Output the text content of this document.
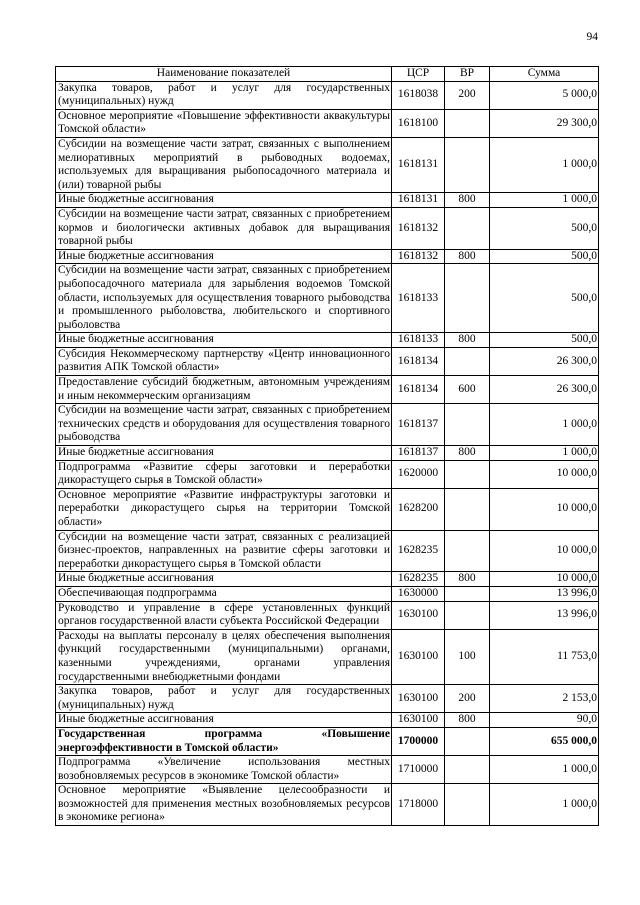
94
Наименование показателей	ЦСР	ВР	Сумма
Закупка товаров, работ и услуг для государственных (муниципальных) нужд	1618038	200	5 000,0
Основное мероприятие «Повышение эффективности аквакультуры Томской области»	1618100		29 300,0
Субсидии на возмещение части затрат, связанных с выполнением мелиоративных мероприятий в рыбоводных водоемах, используемых для выращивания рыбопосадочного материала и (или) товарной рыбы	1618131		1 000,0
Иные бюджетные ассигнования	1618131	800	1 000,0
Субсидии на возмещение части затрат, связанных с приобретением кормов и биологически активных добавок для выращивания товарной рыбы	1618132		500,0
Иные бюджетные ассигнования	1618132	800	500,0
Субсидии на возмещение части затрат, связанных с приобретением рыбопосадочного материала для зарыбления водоемов Томской области, используемых для осуществления товарного рыбоводства и промышленного рыболовства, любительского и спортивного рыболовства	1618133		500,0
Иные бюджетные ассигнования	1618133	800	500,0
Субсидия Некоммерческому партнерству «Центр инновационного развития АПК Томской области»	1618134		26 300,0
Предоставление субсидий бюджетным, автономным учреждениям и иным некоммерческим организациям	1618134	600	26 300,0
Субсидии на возмещение части затрат, связанных с приобретением технических средств и оборудования для осуществления товарного рыбоводства	1618137		1 000,0
Иные бюджетные ассигнования	1618137	800	1 000,0
Подпрограмма «Развитие сферы заготовки и переработки дикорастущего сырья в Томской области»	1620000		10 000,0
Основное мероприятие «Развитие инфраструктуры заготовки и переработки дикорастущего сырья на территории Томской области»	1628200		10 000,0
Субсидии на возмещение части затрат, связанных с реализацией бизнес-проектов, направленных на развитие сферы заготовки и переработки дикорастущего сырья в Томской области	1628235		10 000,0
Иные бюджетные ассигнования	1628235	800	10 000,0
Обеспечивающая подпрограмма	1630000		13 996,0
Руководство и управление в сфере установленных функций органов государственной власти субъекта Российской Федерации	1630100		13 996,0
Расходы на выплаты персоналу в целях обеспечения выполнения функций государственными (муниципальными) органами, казенными учреждениями, органами управления государственными внебюджетными фондами	1630100	100	11 753,0
Закупка товаров, работ и услуг для государственных (муниципальных) нужд	1630100	200	2 153,0
Иные бюджетные ассигнования	1630100	800	90,0
Государственная программа «Повышение энергоэффективности в Томской области»	1700000		655 000,0
Подпрограмма «Увеличение использования местных возобновляемых ресурсов в экономике Томской области»	1710000		1 000,0
Основное мероприятие «Выявление целесообразности и возможностей для применения местных возобновляемых ресурсов в экономике региона»	1718000		1 000,0
